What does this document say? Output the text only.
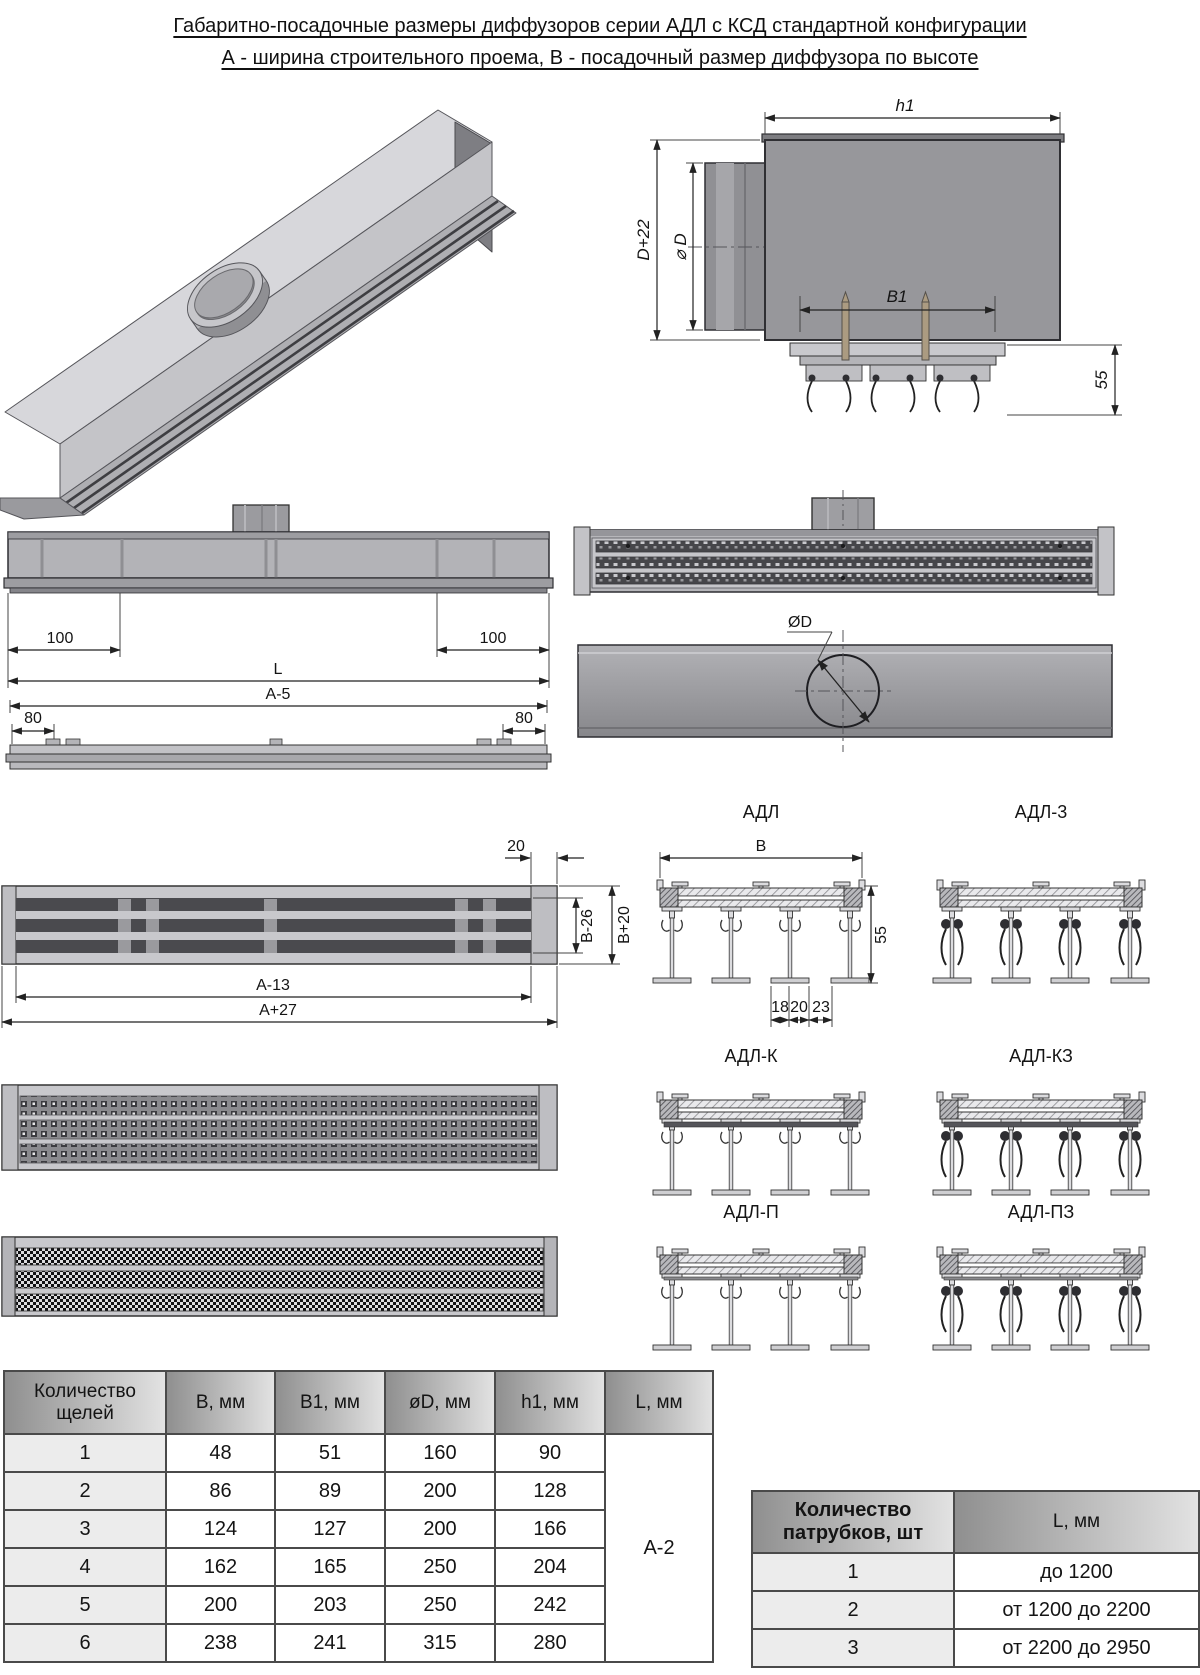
Габаритно-посадочные размеры диффузоров серии АДЛ с КСД стандартной конфигурации
А - ширина строительного проема, В - посадочный размер диффузора по высоте
h1
D+22 ⌀ D
B1
55
100	100
L
А-5
80	80
ØD
20
В-26 В+20
А-13
А+27
АДЛ	АДЛ-3
В
55
18 20 23
АДЛ-К	АДЛ-КЗ
АДЛ-П	АДЛ-ПЗ
Количество щелей	В, мм	В1, мм	øD, мм	h1, мм	L, мм
1	48	51	160	90	А-2
2	86	89	200	128	
3	124	127	200	166	
4	162	165	250	204	
5	200	203	250	242	
6	238	241	315	280	
Количество патрубков, шт	L, мм
1	до 1200
2	от 1200 до 2200
3	от 2200 до 2950
